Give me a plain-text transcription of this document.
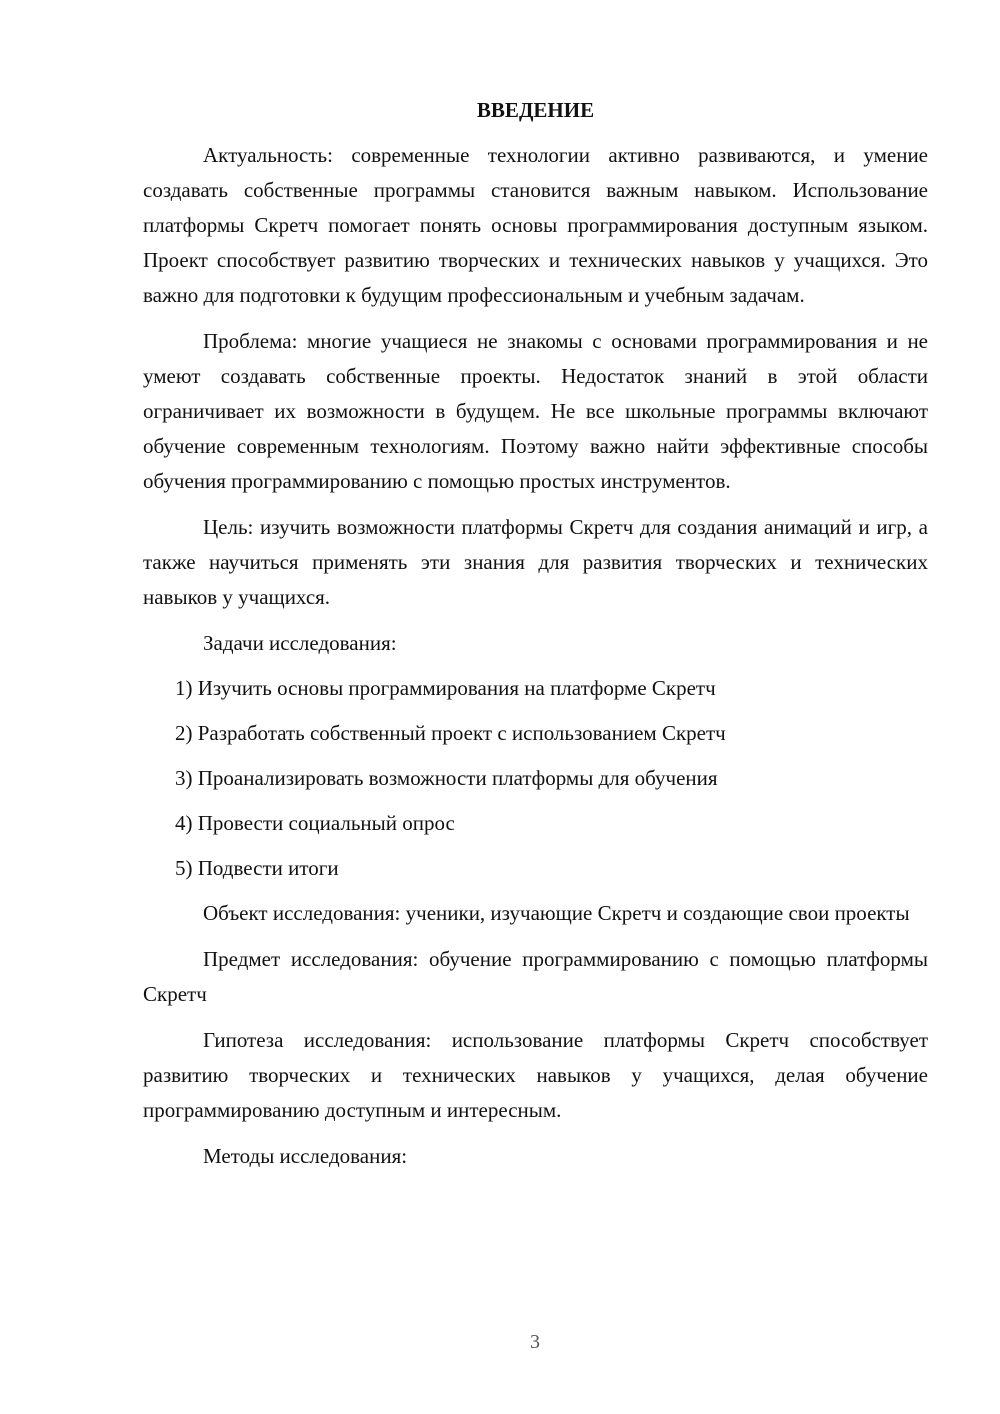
ВВЕДЕНИЕ

Актуальность: современные технологии активно развиваются, и умение создавать собственные программы становится важным навыком. Использование платформы Скретч помогает понять основы программирования доступным языком. Проект способствует развитию творческих и технических навыков у учащихся. Это важно для подготовки к будущим профессиональным и учебным задачам.

Проблема: многие учащиеся не знакомы с основами программирования и не умеют создавать собственные проекты. Недостаток знаний в этой области ограничивает их возможности в будущем. Не все школьные программы включают обучение современным технологиям. Поэтому важно найти эффективные способы обучения программированию с помощью простых инструментов.

Цель: изучить возможности платформы Скретч для создания анимаций и игр, а также научиться применять эти знания для развития творческих и технических навыков у учащихся.

Задачи исследования:

1) Изучить основы программирования на платформе Скретч
2) Разработать собственный проект с использованием Скретч
3) Проанализировать возможности платформы для обучения
4) Провести социальный опрос
5) Подвести итоги

Объект исследования: ученики, изучающие Скретч и создающие свои проекты

Предмет исследования: обучение программированию с помощью платформы Скретч

Гипотеза исследования: использование платформы Скретч способствует развитию творческих и технических навыков у учащихся, делая обучение программированию доступным и интересным.

Методы исследования:

3
